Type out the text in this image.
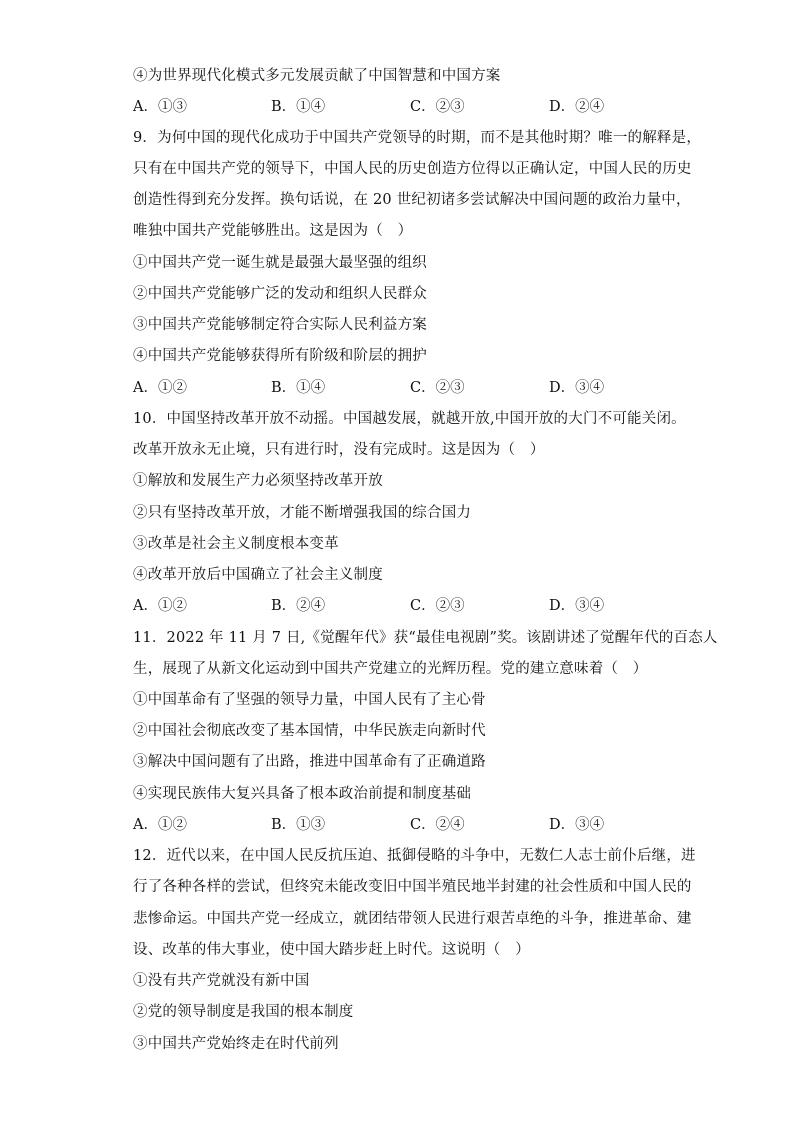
④为世界现代化模式多元发展贡献了中国智慧和中国方案
A．①③	B．①④	C．②③	D．②④
9．为何中国的现代化成功于中国共产党领导的时期，而不是其他时期？唯一的解释是，
只有在中国共产党的领导下，中国人民的历史创造方位得以正确认定，中国人民的历史
创造性得到充分发挥。换句话说，在 20 世纪初诸多尝试解决中国问题的政治力量中，
唯独中国共产党能够胜出。这是因为（　）
①中国共产党一诞生就是最强大最坚强的组织
②中国共产党能够广泛的发动和组织人民群众
③中国共产党能够制定符合实际人民利益方案
④中国共产党能够获得所有阶级和阶层的拥护
A．①②	B．①④	C．②③	D．③④
10．中国坚持改革开放不动摇。中国越发展，就越开放,中国开放的大门不可能关闭。
改革开放永无止境，只有进行时，没有完成时。这是因为（　）
①解放和发展生产力必须坚持改革开放
②只有坚持改革开放，才能不断增强我国的综合国力
③改革是社会主义制度根本变革
④改革开放后中国确立了社会主义制度
A．①②	B．②④	C．②③	D．③④
11．2022 年 11 月 7 日,《觉醒年代》获“最佳电视剧”奖。该剧讲述了觉醒年代的百态人
生，展现了从新文化运动到中国共产党建立的光辉历程。党的建立意味着（　）
①中国革命有了坚强的领导力量，中国人民有了主心骨
②中国社会彻底改变了基本国情，中华民族走向新时代
③解决中国问题有了出路，推进中国革命有了正确道路
④实现民族伟大复兴具备了根本政治前提和制度基础
A．①②	B．①③	C．②④	D．③④
12．近代以来，在中国人民反抗压迫、抵御侵略的斗争中，无数仁人志士前仆后继，进
行了各种各样的尝试，但终究未能改变旧中国半殖民地半封建的社会性质和中国人民的
悲惨命运。中国共产党一经成立，就团结带领人民进行艰苦卓绝的斗争，推进革命、建
设、改革的伟大事业，使中国大踏步赶上时代。这说明（　）
①没有共产党就没有新中国
②党的领导制度是我国的根本制度
③中国共产党始终走在时代前列
